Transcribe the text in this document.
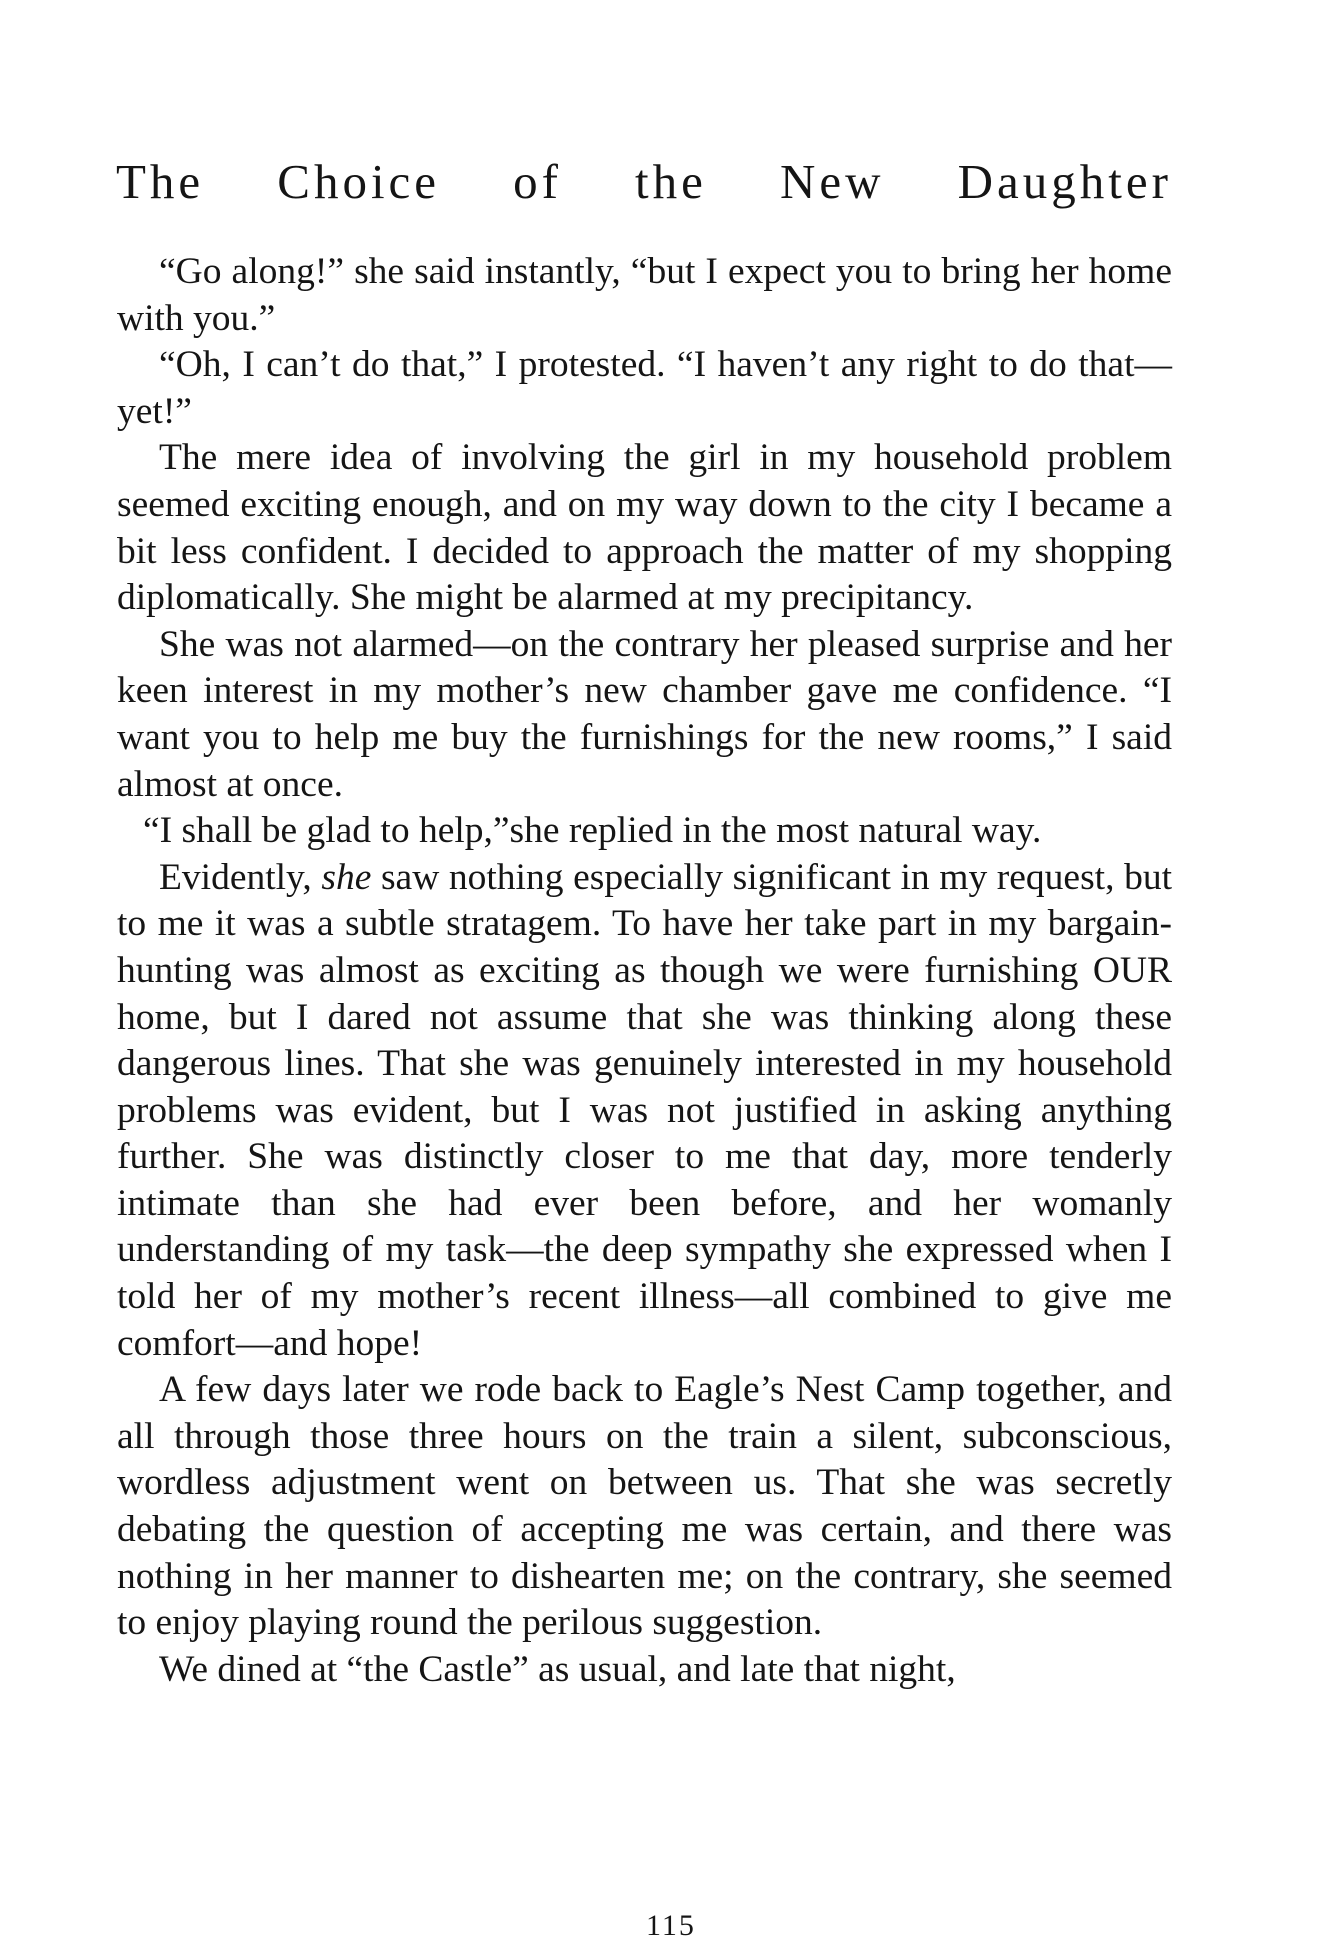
The Choice of the New Daughter

“Go along!” she said instantly, “but I expect you to bring her home with you.”

“Oh, I can’t do that,” I protested. “I haven’t any right to do that—yet!”

The mere idea of involving the girl in my household problem seemed exciting enough, and on my way down to the city I became a bit less confident. I decided to approach the matter of my shopping diplomatically. She might be alarmed at my precipitancy.

She was not alarmed—on the contrary her pleased surprise and her keen interest in my mother’s new chamber gave me confidence. “I want you to help me buy the furnishings for the new rooms,” I said almost at once.

“I shall be glad to help,”she replied in the most natural way.

Evidently, she saw nothing especially significant in my request, but to me it was a subtle stratagem. To have her take part in my bargain-hunting was almost as exciting as though we were furnishing OUR home, but I dared not assume that she was thinking along these dangerous lines. That she was genuinely interested in my household problems was evident, but I was not justified in asking anything further. She was distinctly closer to me that day, more tenderly intimate than she had ever been before, and her womanly understanding of my task—the deep sympathy she expressed when I told her of my mother’s recent illness—all combined to give me comfort—and hope!

A few days later we rode back to Eagle’s Nest Camp together, and all through those three hours on the train a silent, subconscious, wordless adjustment went on between us. That she was secretly debating the question of accepting me was certain, and there was nothing in her manner to dishearten me; on the contrary, she seemed to enjoy playing round the perilous suggestion.

We dined at “the Castle” as usual, and late that night,

115
